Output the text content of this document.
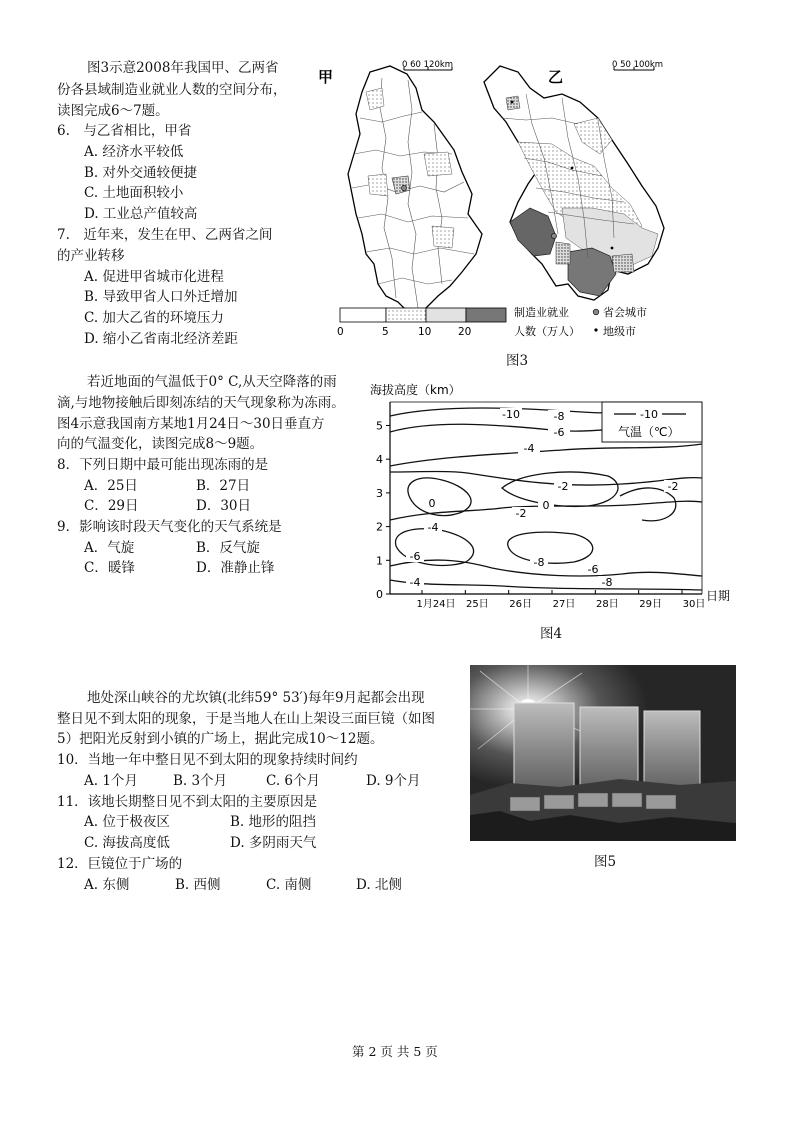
图3示意2008年我国甲、乙两省
份各县域制造业就业人数的空间分布，
读图完成6～7题。
6.　与乙省相比，甲省
A. 经济水平较低
B. 对外交通较便捷
C. 土地面积较小
D. 工业总产值较高
7.　近年来，发生在甲、乙两省之间
的产业转移
A. 促进甲省城市化进程
B. 导致甲省人口外迁增加
C. 加大乙省的环境压力
D. 缩小乙省南北经济差距
甲
0 60 120km
乙
0 50 100km
0	5	10	20
制造业就业
人数（万人）
省会城市
地级市
图3
若近地面的气温低于0° C,从天空降落的雨
滴,与地物接触后即刻冻结的天气现象称为冻雨。
图4示意我国南方某地1月24日～30日垂直方
向的气温变化，读图完成8～9题。
8．下列日期中最可能出现冻雨的是
A．25日	B．27日
C．29日	D．30日
9．影响该时段天气变化的天气系统是
A．气旋	B．反气旋
C．暖锋	D．准静止锋
海拔高度（km）
日期
0
1
2
3
4
5
1月24日 25日 26日 27日 28日 29日 30日
-10	-8
-6
-4
-2
0	0
-2
-2
-4
-6	-8
-6
-4	-8
-10
气温（℃）
图4
地处深山峡谷的尤坎镇(北纬59° 53′)每年9月起都会出现
整日见不到太阳的现象，于是当地人在山上架设三面巨镜（如图
5）把阳光反射到小镇的广场上，据此完成10～12题。
10．当地一年中整日见不到太阳的现象持续时间约
A. 1个月	B. 3个月	C. 6个月	D. 9个月
11．该地长期整日见不到太阳的主要原因是
A. 位于极夜区	B. 地形的阻挡
C. 海拔高度低	D. 多阴雨天气
12．巨镜位于广场的
A. 东侧	B. 西侧	C. 南侧	D. 北侧
图5
第 2 页 共 5 页
